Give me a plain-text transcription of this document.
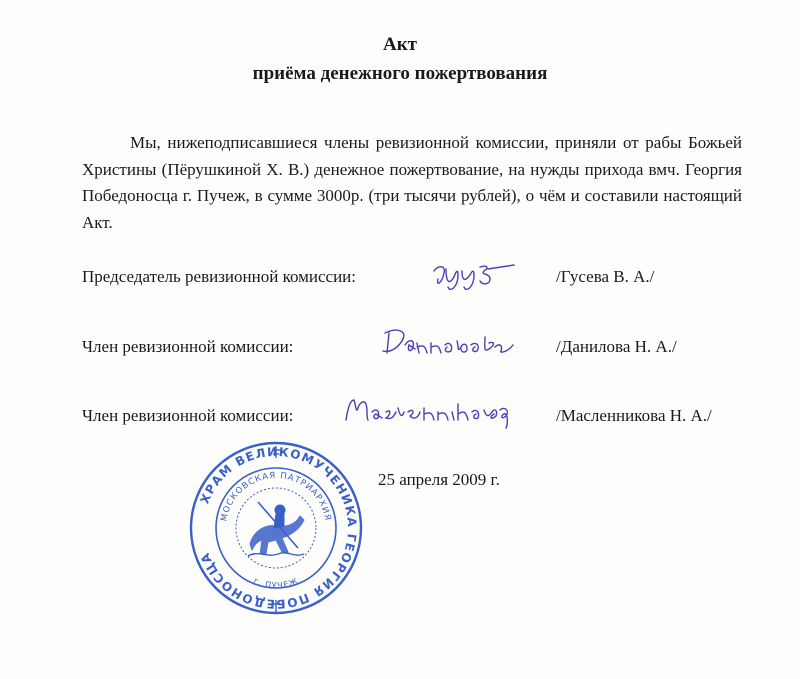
Акт
приёма денежного пожертвования

Мы, нижеподписавшиеся члены ревизионной комиссии, приняли от рабы Божьей Христины (Пёрушкиной Х. В.) денежное пожертвование, на нужды прихода вмч. Георгия Победоносца г. Пучеж, в сумме 3000р. (три тысячи рублей), о чём и составили настоящий Акт.

Председатель ревизионной комиссии:	/Гусева В. А./
Член ревизионной комиссии:	/Данилова Н. А./
Член ревизионной комиссии:	/Масленникова Н. А./
25 апреля 2009 г.
ХРАМ ВЕЛИКОМУЧЕНИКА ГЕОРГИЯ ПОБЕДОНОСЦА
МОСКОВСКАЯ ПАТРИАРХИЯ
г. ПУЧЕЖ
